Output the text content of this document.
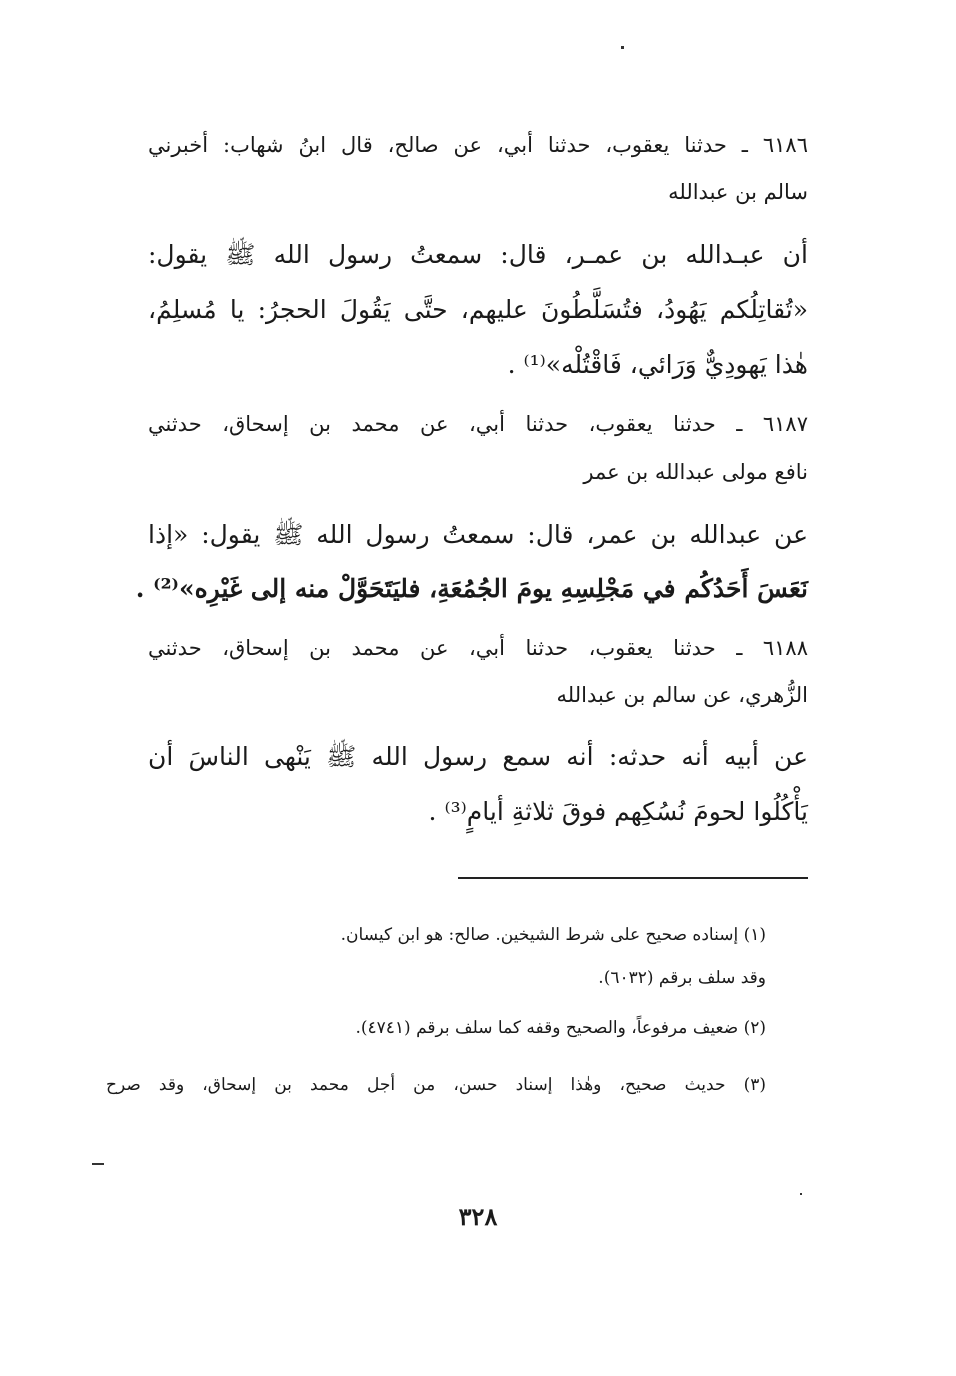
٦١٨٦ ـ حدثنا يعقوب، حدثنا أبي، عن صالح، قال ابنُ شهاب: أخبرني
سالم بن عبدالله
أن عبـدالله بن عمـر، قال: سمعتُ رسول الله ﷺ يقول:
«تُقاتِلُكم يَهُودُ، فتُسَلَّطُونَ عليهم، حتَّى يَقُولَ الحجرُ: يا مُسلِمُ،
هٰذا يَهودِيٌّ وَرَائي، فَاقْتُلْه»⁽¹⁾ .
٦١٨٧ ـ حدثنا يعقوب، حدثنا أبي، عن محمد بن إسحاق، حدثني
نافع مولى عبدالله بن عمر
عن عبدالله بن عمر، قال: سمعتُ رسول الله ﷺ يقول: «إذا
نَعَسَ أَحَدُكُم في مَجْلِسِهِ يومَ الجُمُعَةِ، فليَتَحَوَّلْ منه إلى غَيْرِه»⁽²⁾ .
٦١٨٨ ـ حدثنا يعقوب، حدثنا أبي، عن محمد بن إسحاق، حدثني
الزُّهري، عن سالم بن عبدالله
عن أبيه أنه حدثه: أنه سمع رسول الله ﷺ يَنْهى الناسَ أن
يَأْكُلُوا لحومَ نُسُكِهم فوقَ ثلاثةِ أيامٍ⁽³⁾ .
(١) إسناده صحيح على شرط الشيخين. صالح: هو ابن كيسان.
وقد سلف برقم (٦٠٣٢).
(٢) ضعيف مرفوعاً، والصحيح وقفه كما سلف برقم (٤٧٤١).
(٣) حديث صحيح، وهٰذا إسناد حسن، من أجل محمد بن إسحاق، وقد صرح
٣٢٨
